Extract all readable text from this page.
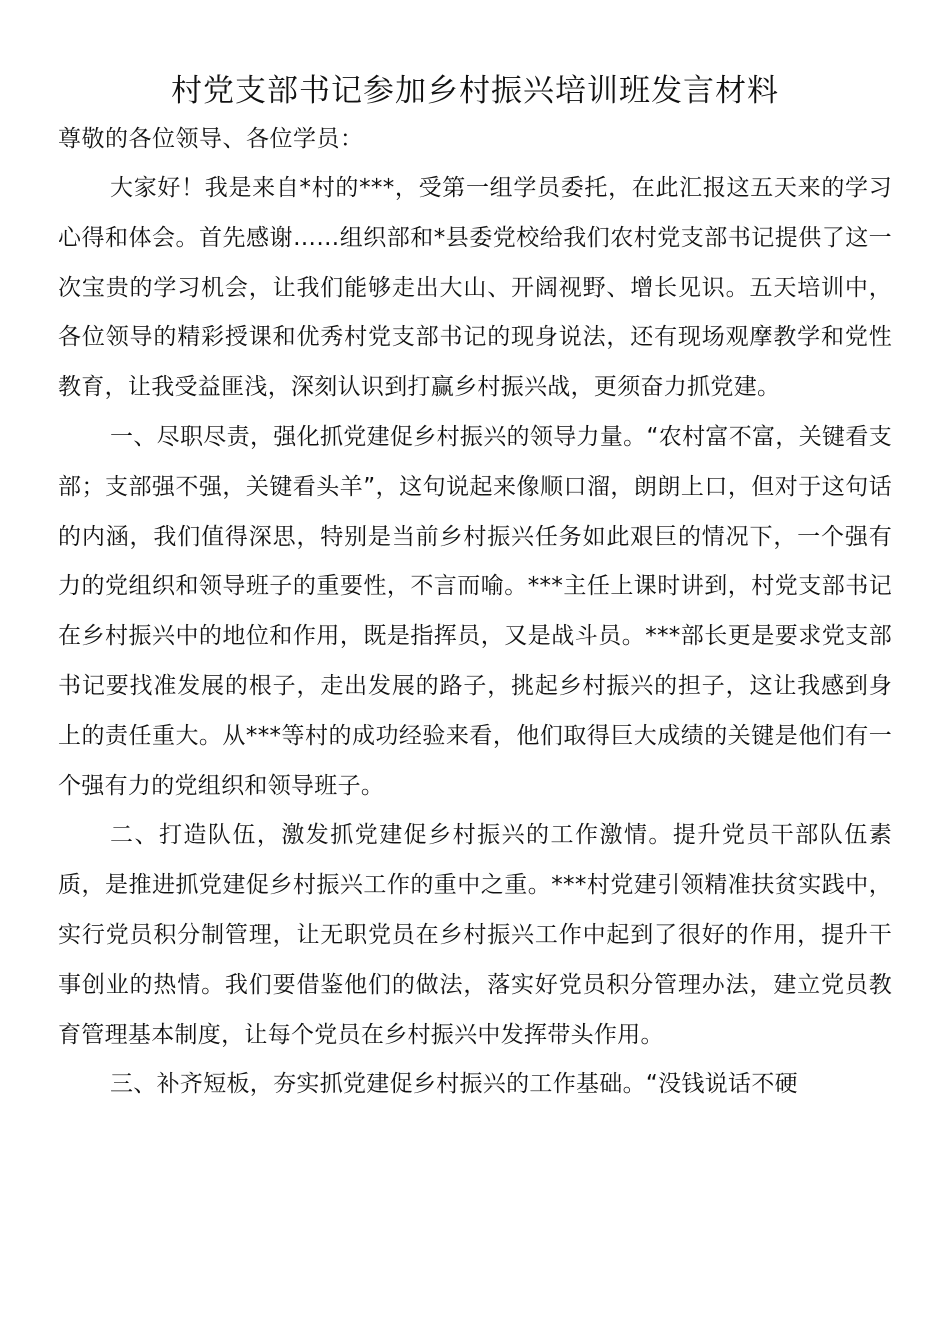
村党支部书记参加乡村振兴培训班发言材料

尊敬的各位领导、各位学员：

大家好！我是来自*村的***，受第一组学员委托，在此汇报这五天来的学习心得和体会。首先感谢……组织部和*县委党校给我们农村党支部书记提供了这一次宝贵的学习机会，让我们能够走出大山、开阔视野、增长见识。五天培训中，各位领导的精彩授课和优秀村党支部书记的现身说法，还有现场观摩教学和党性教育，让我受益匪浅，深刻认识到打赢乡村振兴战，更须奋力抓党建。

一、尽职尽责，强化抓党建促乡村振兴的领导力量。“农村富不富，关键看支部；支部强不强，关键看头羊”，这句说起来像顺口溜，朗朗上口，但对于这句话的内涵，我们值得深思，特别是当前乡村振兴任务如此艰巨的情况下，一个强有力的党组织和领导班子的重要性，不言而喻。***主任上课时讲到，村党支部书记在乡村振兴中的地位和作用，既是指挥员，又是战斗员。***部长更是要求党支部书记要找准发展的根子，走出发展的路子，挑起乡村振兴的担子，这让我感到身上的责任重大。从***等村的成功经验来看，他们取得巨大成绩的关键是他们有一个强有力的党组织和领导班子。

二、打造队伍，激发抓党建促乡村振兴的工作激情。提升党员干部队伍素质，是推进抓党建促乡村振兴工作的重中之重。***村党建引领精准扶贫实践中，实行党员积分制管理，让无职党员在乡村振兴工作中起到了很好的作用，提升干事创业的热情。我们要借鉴他们的做法，落实好党员积分管理办法，建立党员教育管理基本制度，让每个党员在乡村振兴中发挥带头作用。

三、补齐短板，夯实抓党建促乡村振兴的工作基础。“没钱说话不硬
